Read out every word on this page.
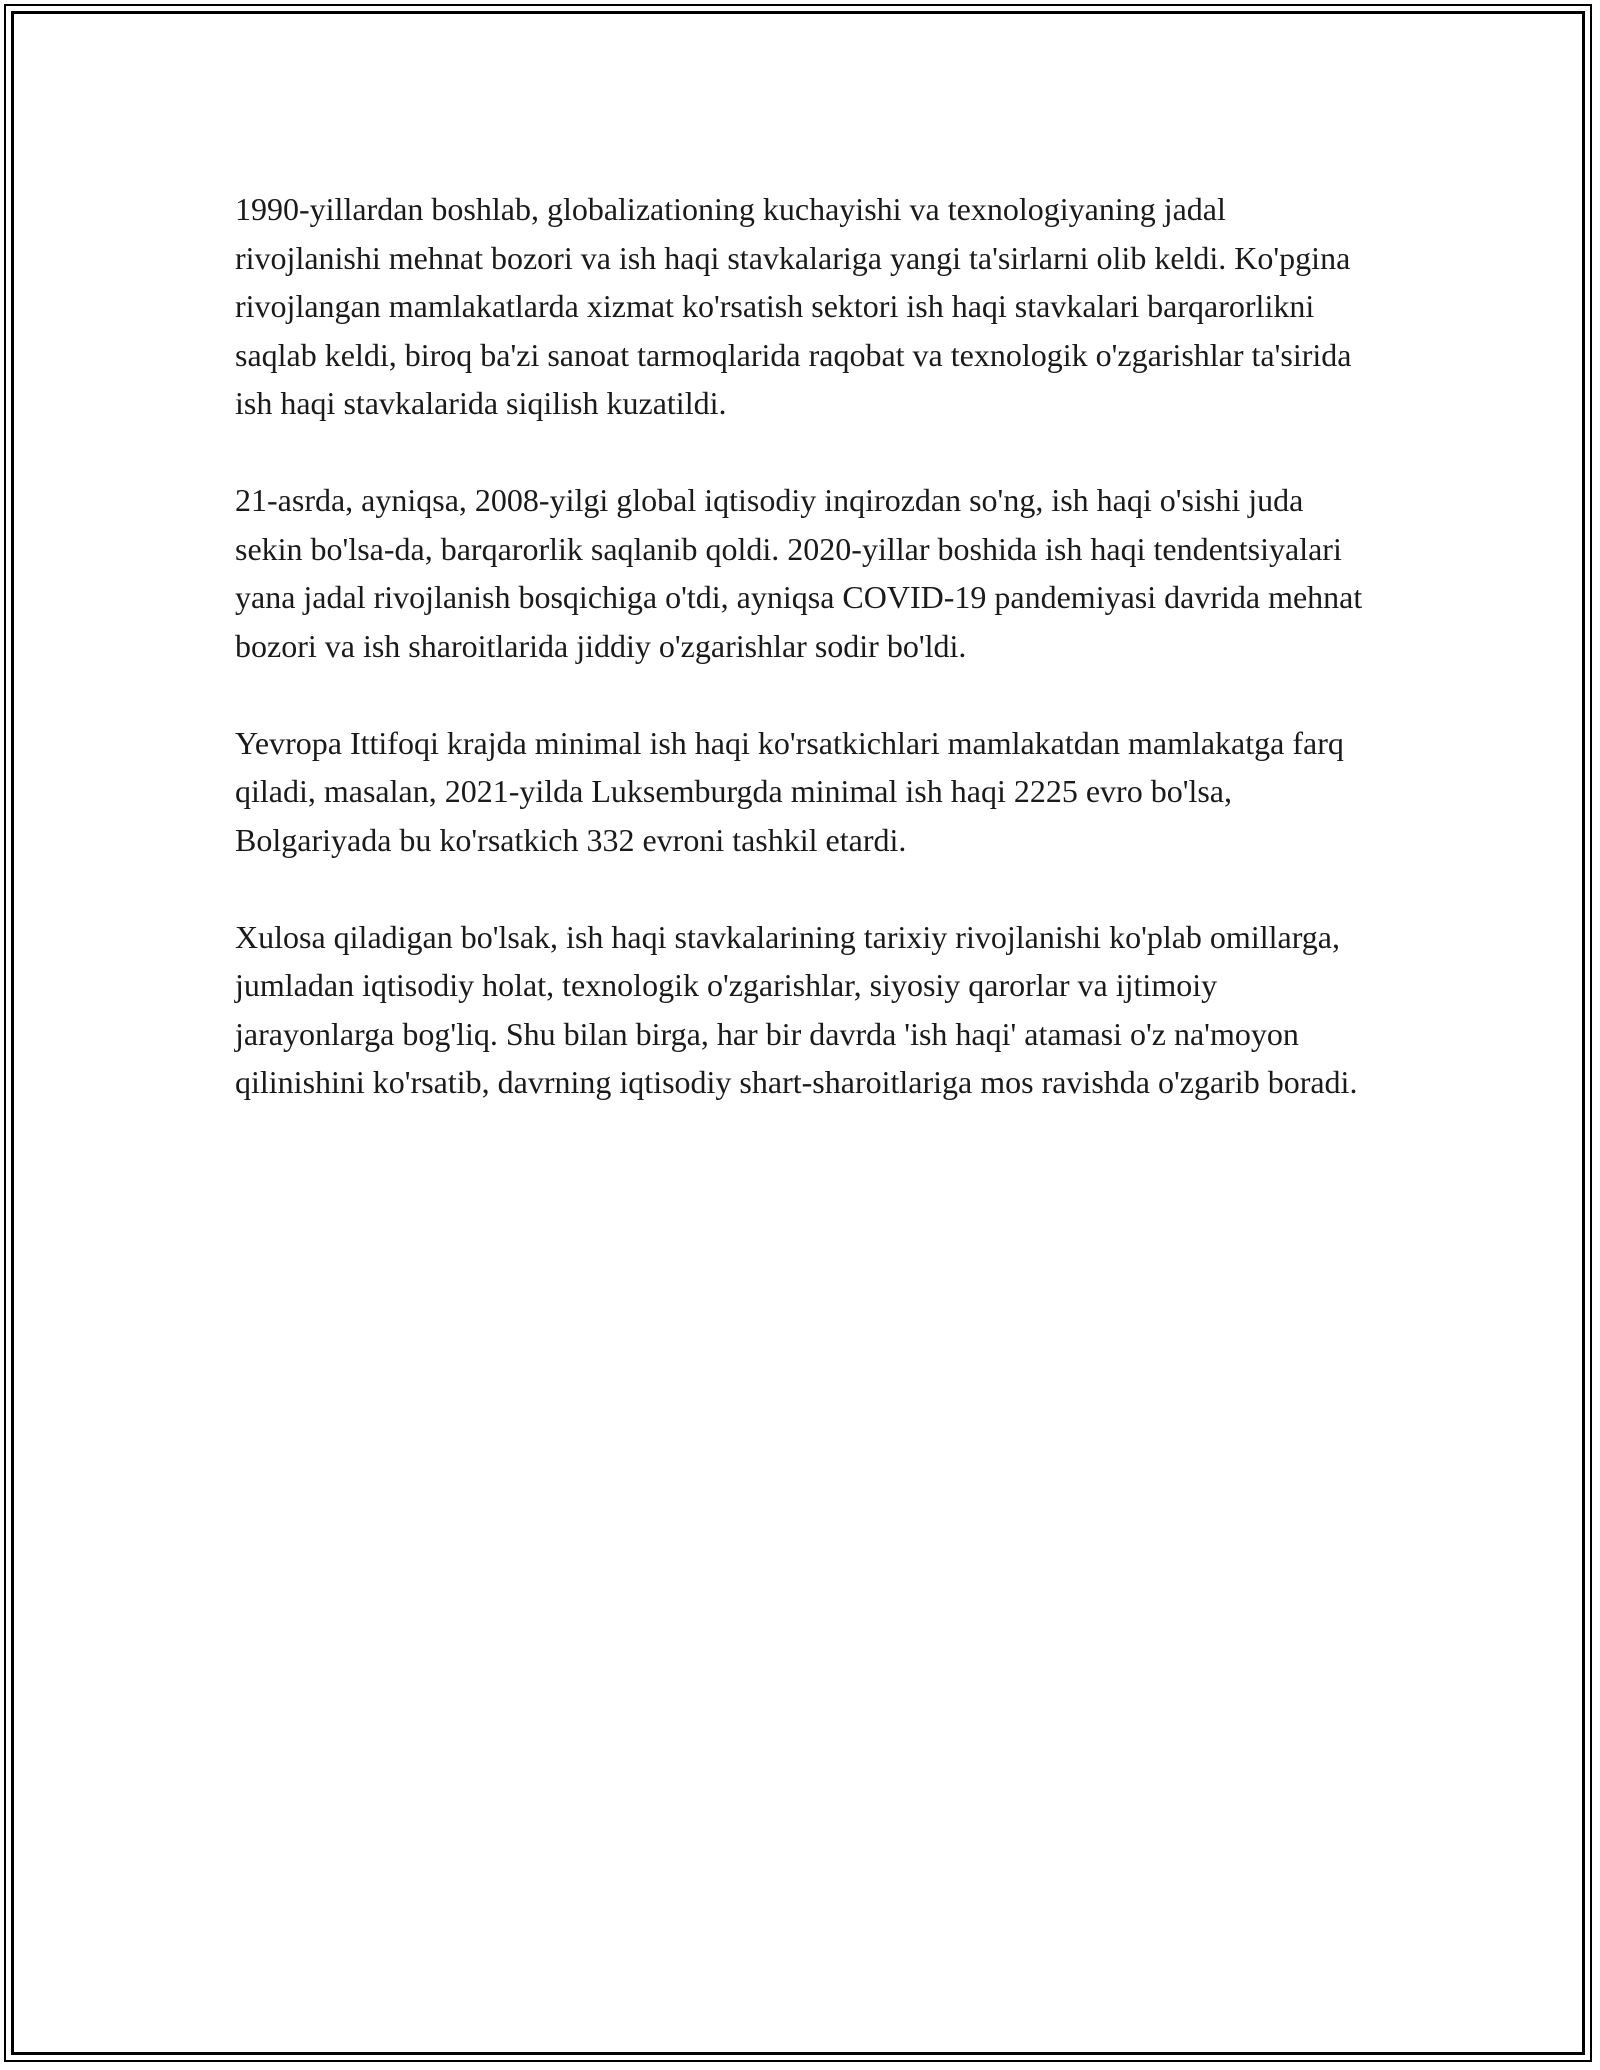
1990-yillardan boshlab, globalizationing kuchayishi va texnologiyaning jadal rivojlanishi mehnat bozori va ish haqi stavkalariga yangi ta'sirlarni olib keldi. Ko'pgina rivojlangan mamlakatlarda xizmat ko'rsatish sektori ish haqi stavkalari barqarorlikni saqlab keldi, biroq ba'zi sanoat tarmoqlarida raqobat va texnologik o'zgarishlar ta'sirida ish haqi stavkalarida siqilish kuzatildi.

21-asrda, ayniqsa, 2008-yilgi global iqtisodiy inqirozdan so'ng, ish haqi o'sishi juda sekin bo'lsa-da, barqarorlik saqlanib qoldi. 2020-yillar boshida ish haqi tendentsiyalari yana jadal rivojlanish bosqichiga o'tdi, ayniqsa COVID-19 pandemiyasi davrida mehnat bozori va ish sharoitlarida jiddiy o'zgarishlar sodir bo'ldi.

Yevropa Ittifoqi krajda minimal ish haqi ko'rsatkichlari mamlakatdan mamlakatga farq qiladi, masalan, 2021-yilda Luksemburgda minimal ish haqi 2225 evro bo'lsa, Bolgariyada bu ko'rsatkich 332 evroni tashkil etardi.

Xulosa qiladigan bo'lsak, ish haqi stavkalarining tarixiy rivojlanishi ko'plab omillarga, jumladan iqtisodiy holat, texnologik o'zgarishlar, siyosiy qarorlar va ijtimoiy jarayonlarga bog'liq. Shu bilan birga, har bir davrda 'ish haqi' atamasi o'z na'moyon qilinishini ko'rsatib, davrning iqtisodiy shart-sharoitlariga mos ravishda o'zgarib boradi.
